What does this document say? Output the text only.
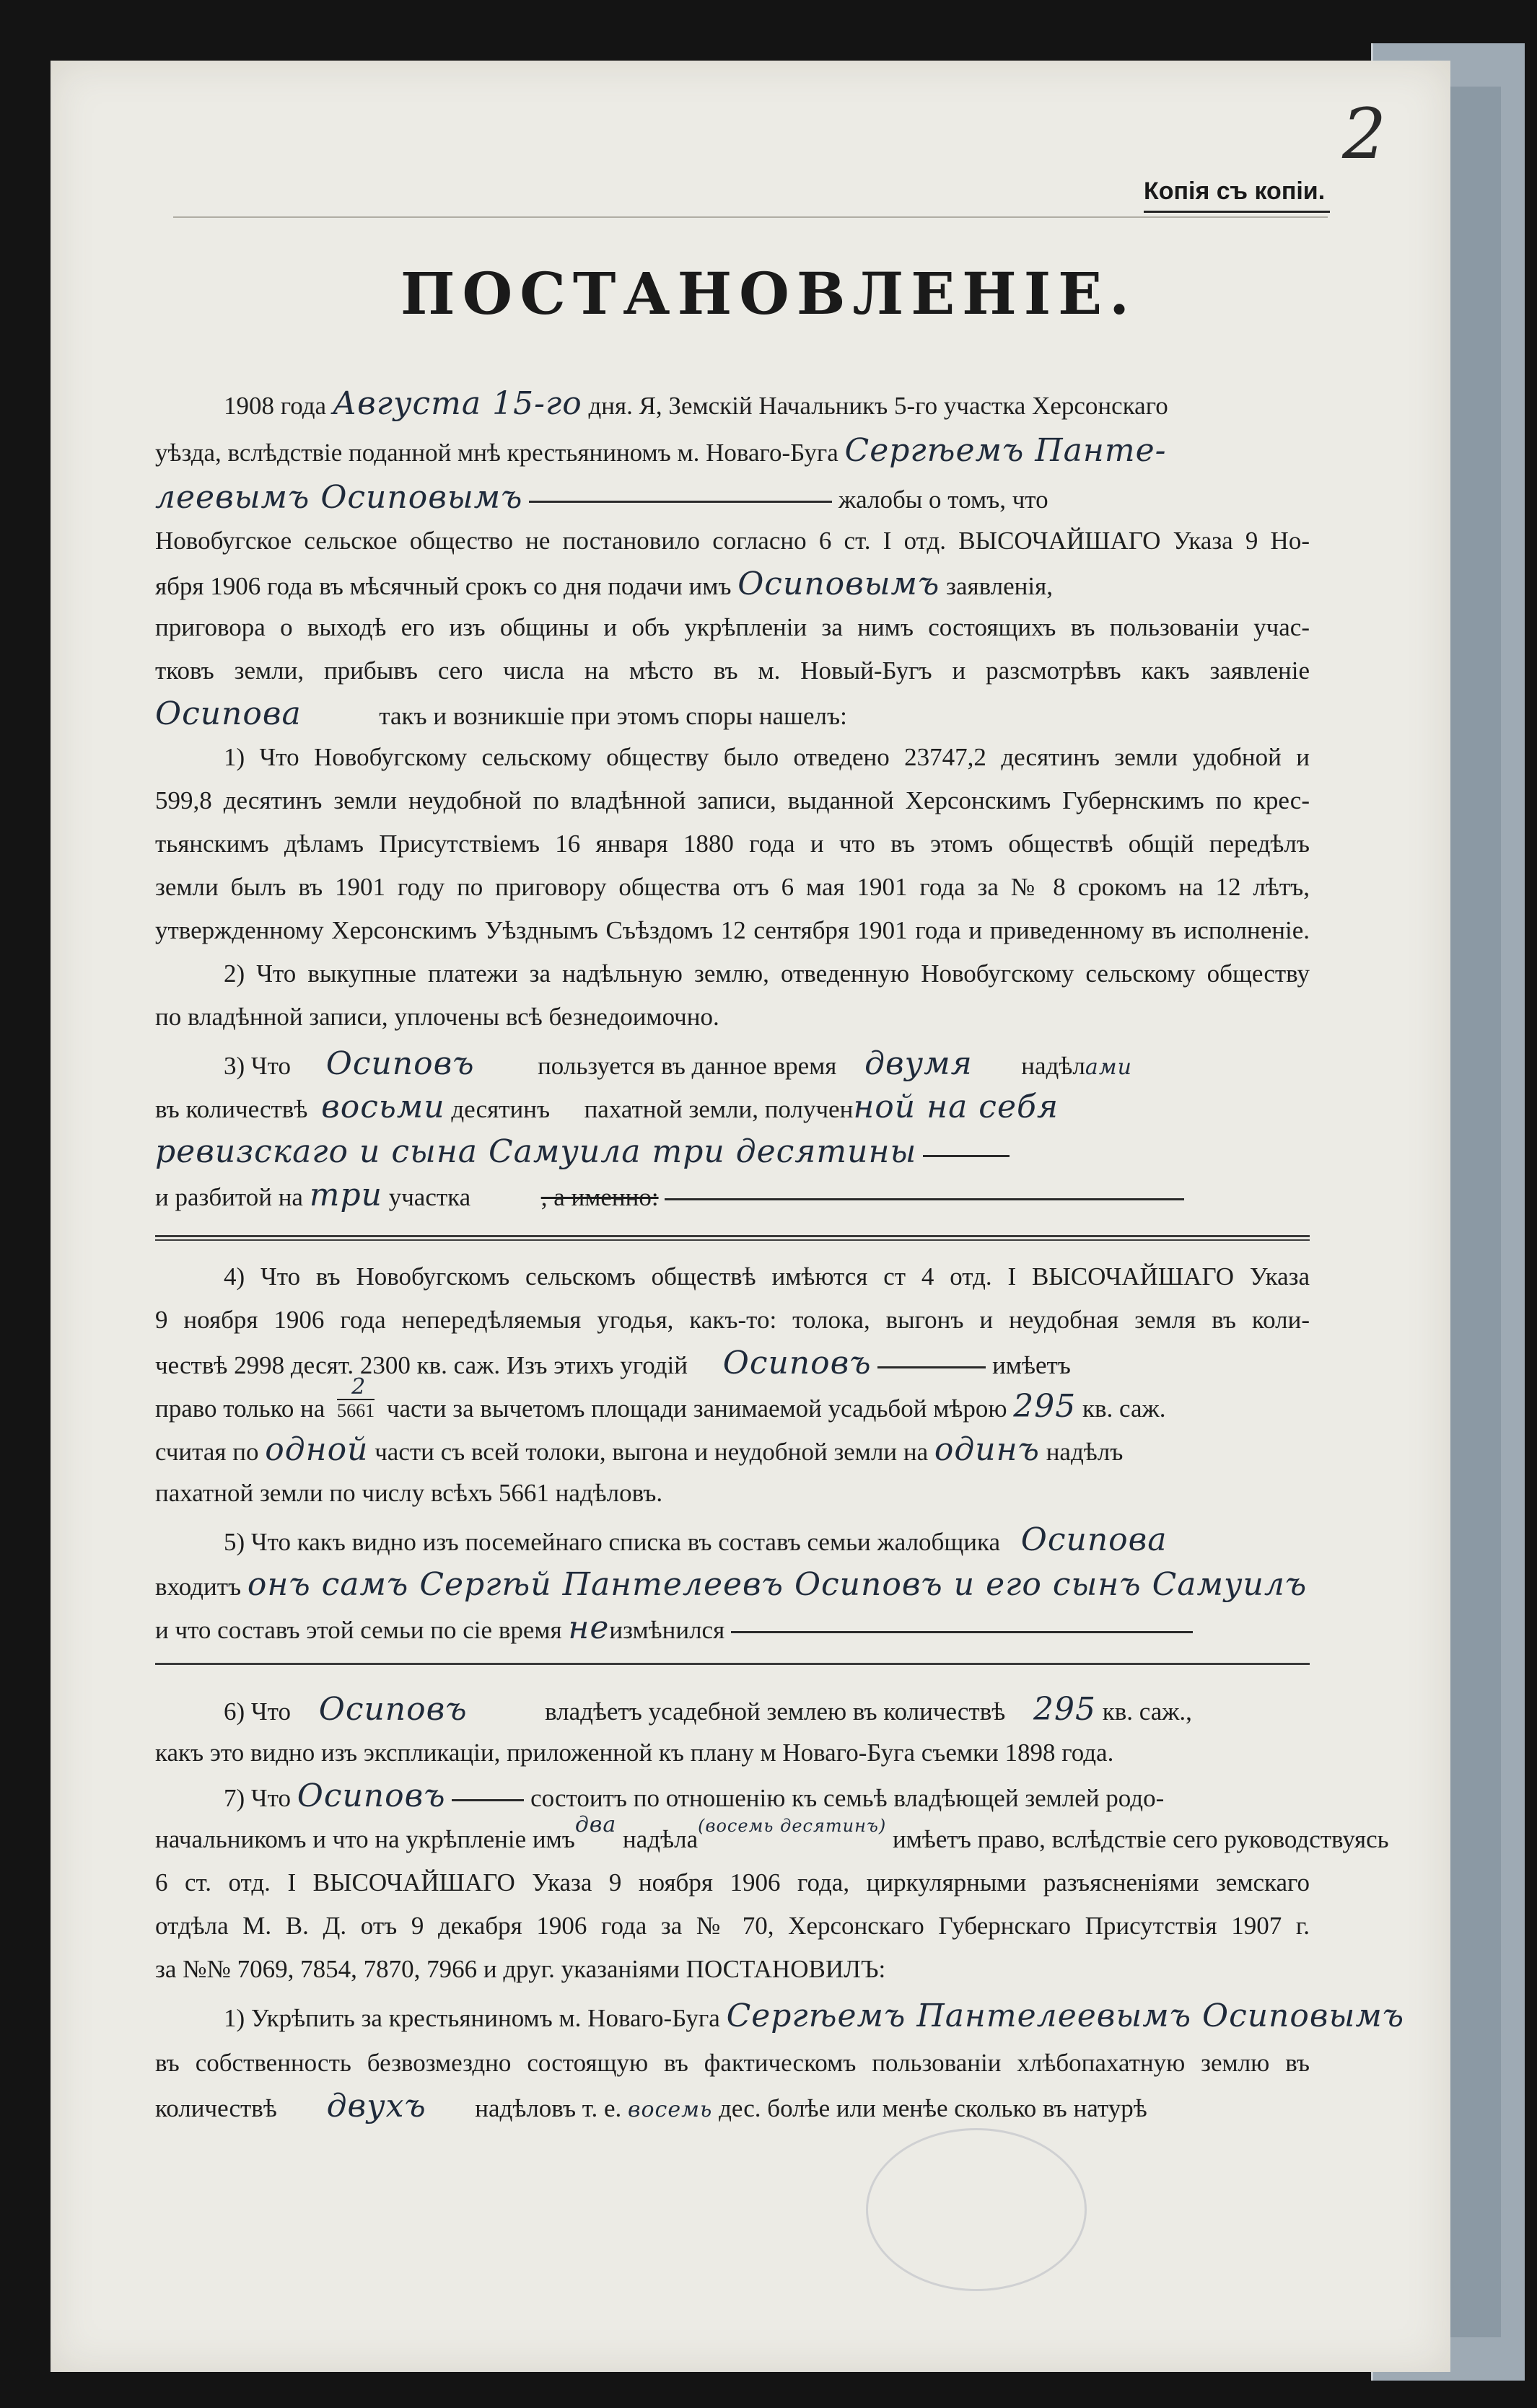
2
Копія съ копіи.
ПОСТАНОВЛЕНІЕ.
1908 года Августа 15-го дня. Я, Земскій Начальникъ 5-го участка Херсонскаго
уѣзда, вслѣдствіе поданной мнѣ крестьяниномъ м. Новаго-Буга Сергѣемъ Панте-
леевымъ Осиповымъ	жалобы о томъ, что
Новобугское сельское общество не постановило согласно 6 ст. I отд. ВЫСОЧАЙШАГО Указа 9 Но-
ября 1906 года въ мѣсячный срокъ со дня подачи имъ Осиповымъ заявленія,
приговора о выходѣ его изъ общины и объ укрѣпленіи за нимъ состоящихъ въ пользованіи учас-
тковъ земли, прибывъ сего числа на мѣсто въ м. Новый-Бугъ и разсмотрѣвъ какъ заявленіе
Осипова	такъ и возникшіе при этомъ споры нашелъ:
1) Что Новобугскому сельскому обществу было отведено 23747,2 десятинъ земли удобной и
599,8 десятинъ земли неудобной по владѣнной записи, выданной Херсонскимъ Губернскимъ по крес-
тьянскимъ дѣламъ Присутствіемъ 16 января 1880 года и что въ этомъ обществѣ общій передѣлъ
земли былъ въ 1901 году по приговору общества отъ 6 мая 1901 года за № 8 срокомъ на 12 лѣтъ,
утвержденному Херсонскимъ Уѣзднымъ Съѣздомъ 12 сентября 1901 года и приведенному въ исполненіе.
2) Что выкупные платежи за надѣльную землю, отведенную Новобугскому сельскому обществу
по владѣнной записи, уплочены всѣ безнедоимочно.
3) Что Осиповъ	пользуется въ данное время двумя надѣлами
въ количествѣ восьми десятинъ пахатной земли, полученной на себя
ревизскаго и сына Самуила три десятины
и разбитой на три участка	, а именно:
4) Что въ Новобугскомъ сельскомъ обществѣ имѣются ст 4 отд. I ВЫСОЧАЙШАГО Указа
9 ноября 1906 года непередѣляемыя угодья, какъ-то: толока, выгонъ и неудобная земля въ коли-
чествѣ 2998 десят. 2300 кв. саж. Изъ этихъ угодій Осиповъ	имѣетъ
право только на
2
5661 части за вычетомъ площади занимаемой усадьбой мѣрою 295 кв. саж.
считая по одной части съ всей толоки, выгона и неудобной земли на одинъ надѣлъ
пахатной земли по числу всѣхъ 5661 надѣловъ.
5) Что какъ видно изъ посемейнаго списка въ составъ семьи жалобщика Осипова
входитъ онъ самъ Сергѣй Пантелеевъ Осиповъ и его сынъ Самуилъ
и что составъ этой семьи по сіе время неизмѣнился
6) Что Осиповъ	владѣетъ усадебной землею въ количествѣ 295 кв. саж.,
какъ это видно изъ экспликаціи, приложенной къ плану м Новаго-Буга съемки 1898 года.
7) Что Осиповъ	состоитъ по отношенію къ семьѣ владѣющей землей родо-
начальникомъ и что на укрѣпленіе имъдва надѣла$^{(восемь десятинъ)}$ имѣетъ право, вслѣдствіе сего руководствуясь
6 ст. отд. I ВЫСОЧАЙШАГО Указа 9 ноября 1906 года, циркулярными разъясненіями земскаго
отдѣла М. В. Д. отъ 9 декабря 1906 года за № 70, Херсонскаго Губернскаго Присутствія 1907 г.
за №№ 7069, 7854, 7870, 7966 и друг. указаніями ПОСТАНОВИЛЪ:
1) Укрѣпить за крестьяниномъ м. Новаго-Буга Сергѣемъ Пантелеевымъ Осиповымъ
въ собственность безвозмездно состоящую въ фактическомъ пользованіи хлѣбопахатную землю въ
количествѣ двухъ надѣловъ т. е. восемь дес. болѣе или менѣе сколько въ натурѣ
